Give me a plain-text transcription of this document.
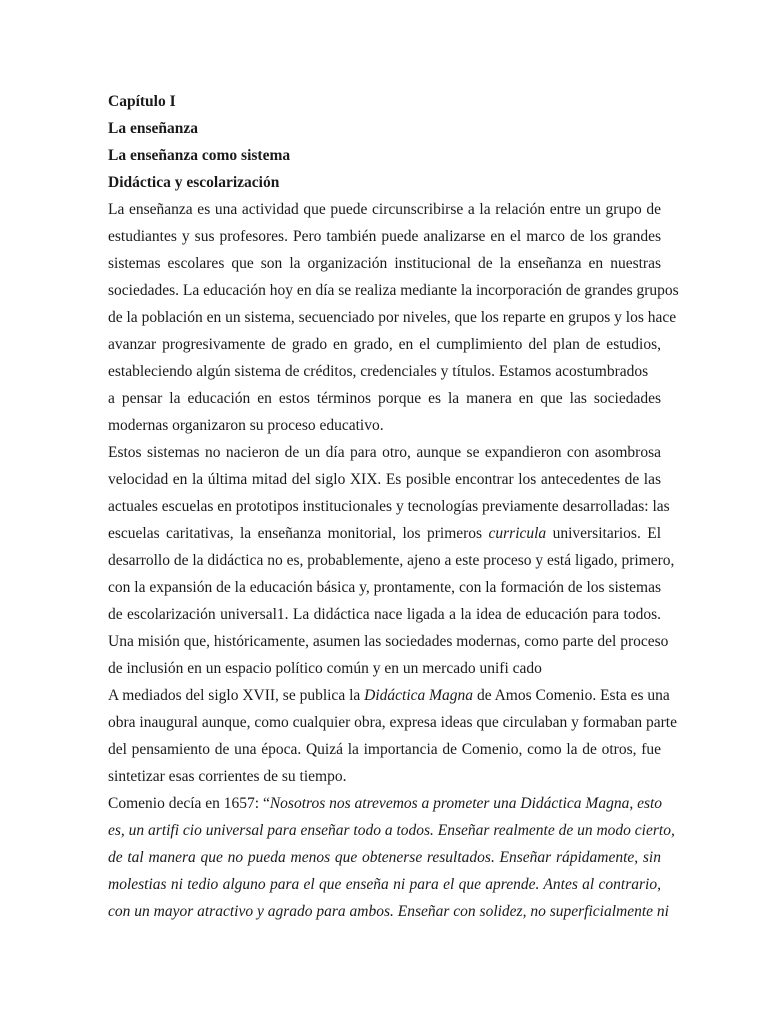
Capítulo I
La enseñanza
La enseñanza como sistema
Didáctica y escolarización
La enseñanza es una actividad que puede circunscribirse a la relación entre un grupo de
estudiantes y sus profesores. Pero también puede analizarse en el marco de los grandes
sistemas escolares que son la organización institucional de la enseñanza en nuestras
sociedades. La educación hoy en día se realiza mediante la incorporación de grandes grupos
de la población en un sistema, secuenciado por niveles, que los reparte en grupos y los hace
avanzar progresivamente de grado en grado, en el cumplimiento del plan de estudios,
estableciendo algún sistema de créditos, credenciales y títulos. Estamos acostumbrados
a pensar la educación en estos términos porque es la manera en que las sociedades
modernas organizaron su proceso educativo.
Estos sistemas no nacieron de un día para otro, aunque se expandieron con asombrosa
velocidad en la última mitad del siglo XIX. Es posible encontrar los antecedentes de las
actuales escuelas en prototipos institucionales y tecnologías previamente desarrolladas: las
escuelas caritativas, la enseñanza monitorial, los primeros curricula universitarios. El
desarrollo de la didáctica no es, probablemente, ajeno a este proceso y está ligado, primero,
con la expansión de la educación básica y, prontamente, con la formación de los sistemas
de escolarización universal1. La didáctica nace ligada a la idea de educación para todos.
Una misión que, históricamente, asumen las sociedades modernas, como parte del proceso
de inclusión en un espacio político común y en un mercado unifi cado
A mediados del siglo XVII, se publica la Didáctica Magna de Amos Comenio. Esta es una
obra inaugural aunque, como cualquier obra, expresa ideas que circulaban y formaban parte
del pensamiento de una época. Quizá la importancia de Comenio, como la de otros, fue
sintetizar esas corrientes de su tiempo.
Comenio decía en 1657: “Nosotros nos atrevemos a prometer una Didáctica Magna, esto
es, un artifi cio universal para enseñar todo a todos. Enseñar realmente de un modo cierto,
de tal manera que no pueda menos que obtenerse resultados. Enseñar rápidamente, sin
molestias ni tedio alguno para el que enseña ni para el que aprende. Antes al contrario,
con un mayor atractivo y agrado para ambos. Enseñar con solidez, no superficialmente ni
